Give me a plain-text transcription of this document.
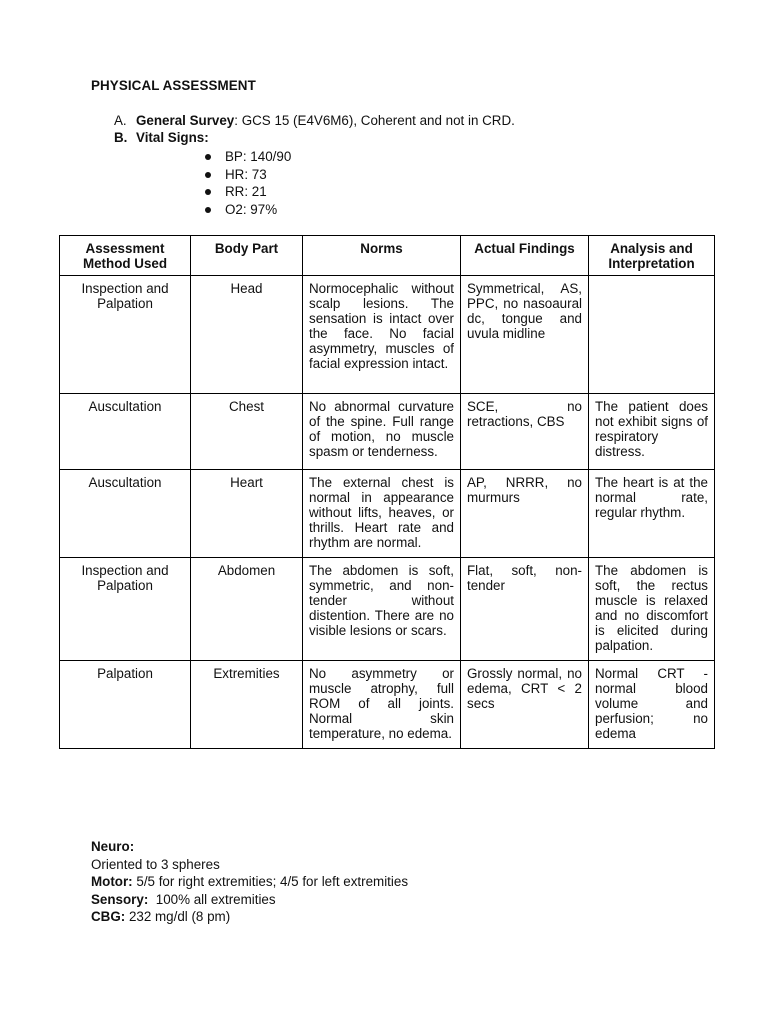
PHYSICAL ASSESSMENT
A. General Survey: GCS 15 (E4V6M6), Coherent and not in CRD.
B. Vital Signs:
BP: 140/90
HR: 73
RR: 21
O2: 97%
Assessment Method Used	Body Part	Norms	Actual Findings	Analysis and Interpretation
Inspection and Palpation	Head	Normocephalic without scalp lesions. The sensation is intact over the face. No facial asymmetry, muscles of facial expression intact.	Symmetrical, AS, PPC, no nasoaural dc, tongue and uvula midline	
Auscultation	Chest	No abnormal curvature of the spine. Full range of motion, no muscle spasm or tenderness.	SCE, no retractions, CBS	The patient does not exhibit signs of respiratory distress.
Auscultation	Heart	The external chest is normal in appearance without lifts, heaves, or thrills. Heart rate and rhythm are normal.	AP, NRRR, no murmurs	The heart is at the normal rate, regular rhythm.
Inspection and Palpation	Abdomen	The abdomen is soft, symmetric, and non-tender without distention. There are no visible lesions or scars.	Flat, soft, non-tender	The abdomen is soft, the rectus muscle is relaxed and no discomfort is elicited during palpation.
Palpation	Extremities	No asymmetry or muscle atrophy, full ROM of all joints. Normal skin temperature, no edema.	Grossly normal, no edema, CRT < 2 secs	Normal CRT - normal blood volume and perfusion; no edema
Neuro:
Oriented to 3 spheres
Motor: 5/5 for right extremities; 4/5 for left extremities
Sensory:  100% all extremities
CBG: 232 mg/dl (8 pm)
